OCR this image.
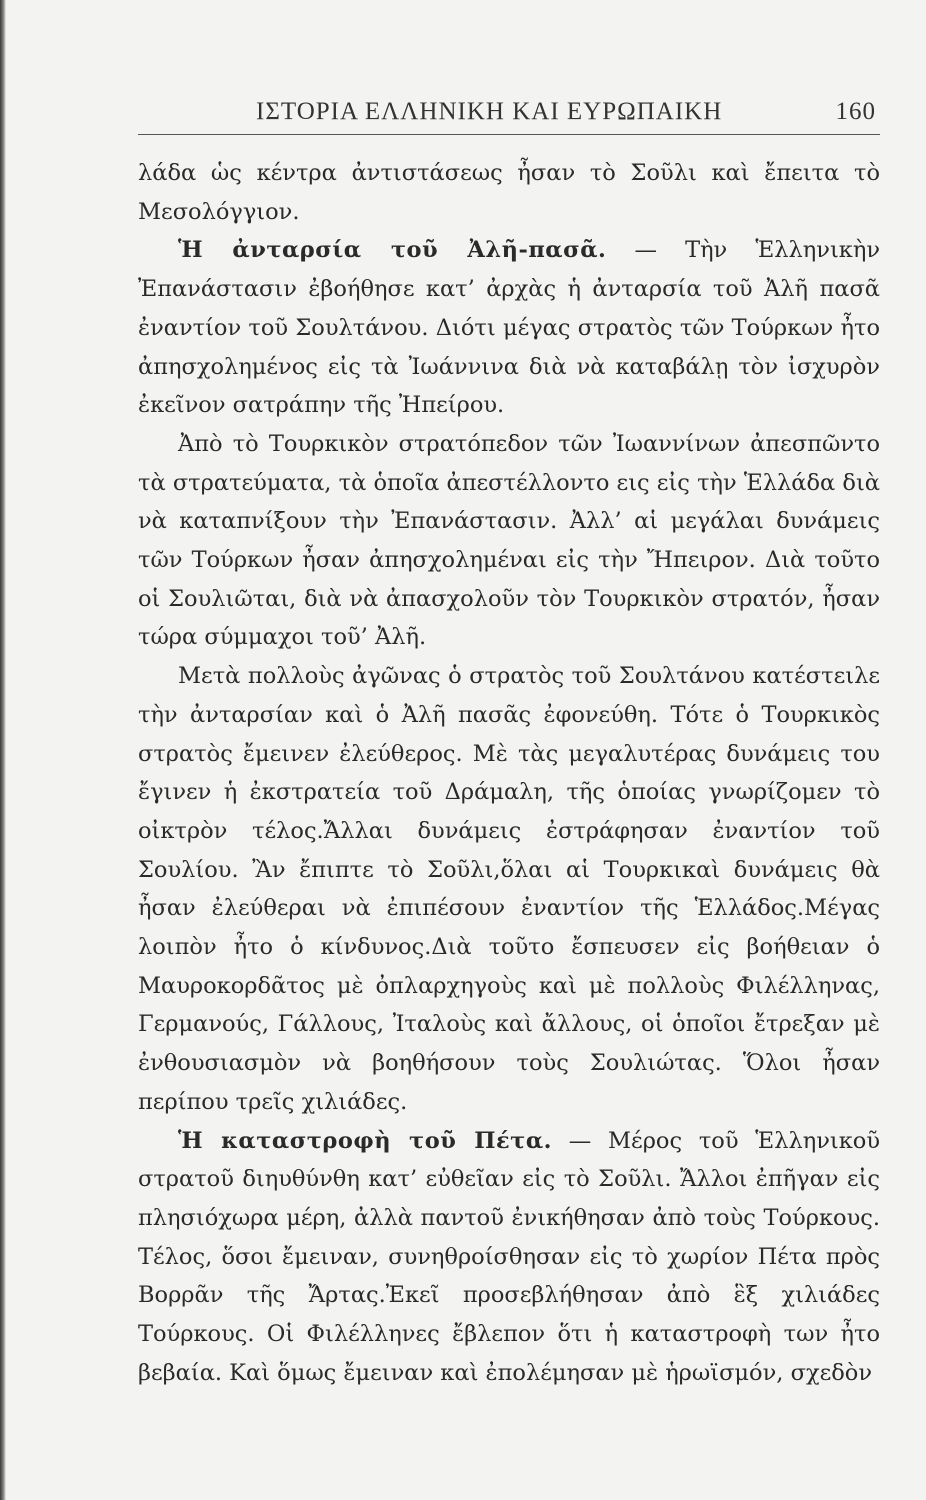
ΙΣΤΟΡΙΑ ΕΛΛΗΝΙΚΗ ΚΑΙ ΕΥΡΩΠΑΙΚΗ	160

λάδα ὡς κέντρα ἀντιστάσεως ἦσαν τὸ Σοῦλι καὶ ἔπειτα τὸ Μεσολόγγιον.

Ἡ ἀνταρσία τοῦ Ἀλῆ-πασᾶ. — Τὴν Ἑλληνικὴν Ἐπανάστασιν ἐβοήθησε κατ’ ἀρχὰς ἡ ἀνταρσία τοῦ Ἀλῆ πασᾶ ἐναντίον τοῦ Σουλτάνου. Διότι μέγας στρατὸς τῶν Τούρκων ἦτο ἀπησχολημένος εἰς τὰ Ἰωάννινα διὰ νὰ καταβάλῃ τὸν ἰσχυρὸν ἐκεῖνον σατράπην τῆς Ἠπείρου.

Ἀπὸ τὸ Τουρκικὸν στρατόπεδον τῶν Ἰωαννίνων ἀπεσπῶντο τὰ στρατεύματα, τὰ ὁποῖα ἀπεστέλλοντο εις εἰς τὴν Ἑλλάδα διὰ νὰ καταπνίξουν τὴν Ἐπανάστασιν. Ἀλλ’ αἱ μεγάλαι δυνάμεις τῶν Τούρκων ἦσαν ἀπησχολημέναι εἰς τὴν Ἤπειρον. Διὰ τοῦτο οἱ Σουλιῶται, διὰ νὰ ἀπασχολοῦν τὸν Τουρκικὸν στρατόν, ἦσαν τώρα σύμμαχοι τοῦ’ Ἀλῆ.

Μετὰ πολλοὺς ἀγῶνας ὁ στρατὸς τοῦ Σουλτάνου κατέστειλε τὴν ἀνταρσίαν καὶ ὁ Ἀλῆ πασᾶς ἐφονεύθη. Τότε ὁ Τουρκικὸς στρατὸς ἔμεινεν ἐλεύθερος. Μὲ τὰς μεγαλυτέρας δυνάμεις του ἔγινεν ἡ ἐκστρατεία τοῦ Δράμαλη, τῆς ὁποίας γνωρίζομεν τὸ οἰκτρὸν τέλος.Ἄλλαι δυνάμεις ἐστράφησαν ἐναντίον τοῦ Σουλίου. Ἂν ἔπιπτε τὸ Σοῦλι,ὅλαι αἱ Τουρκικαὶ δυνάμεις θὰ ἦσαν ἐλεύθεραι νὰ ἐπιπέσουν ἐναντίον τῆς Ἑλλάδος.Μέγας λοιπὸν ἦτο ὁ κίνδυνος.Διὰ τοῦτο ἔσπευσεν εἰς βοήθειαν ὁ Μαυροκορδᾶτος μὲ ὀπλαρχηγοὺς καὶ μὲ πολλοὺς Φιλέλληνας, Γερμανούς, Γάλλους, Ἰταλοὺς καὶ ἄλλους, οἱ ὁποῖοι ἔτρεξαν μὲ ἐνθουσιασμὸν νὰ βοηθήσουν τοὺς Σουλιώτας. Ὅλοι ἦσαν περίπου τρεῖς χιλιάδες.

Ἡ καταστροφὴ τοῦ Πέτα. — Μέρος τοῦ Ἑλληνικοῦ στρατοῦ διηυθύνθη κατ’ εὐθεῖαν εἰς τὸ Σοῦλι. Ἄλλοι ἐπῆγαν εἰς πλησιόχωρα μέρη, ἀλλὰ παντοῦ ἐνικήθησαν ἀπὸ τοὺς Τούρκους. Τέλος, ὅσοι ἔμειναν, συνηθροίσθησαν εἰς τὸ χωρίον Πέτα πρὸς Βορρᾶν τῆς Ἄρτας.Ἐκεῖ προσεβλήθησαν ἀπὸ ἓξ χιλιάδες Τούρκους. Οἱ Φιλέλληνες ἔβλεπον ὅτι ἡ καταστροφὴ των ἦτο βεβαία. Καὶ ὅμως ἔμειναν καὶ ἐπολέμησαν μὲ ἡρωϊσμόν, σχεδὸν
